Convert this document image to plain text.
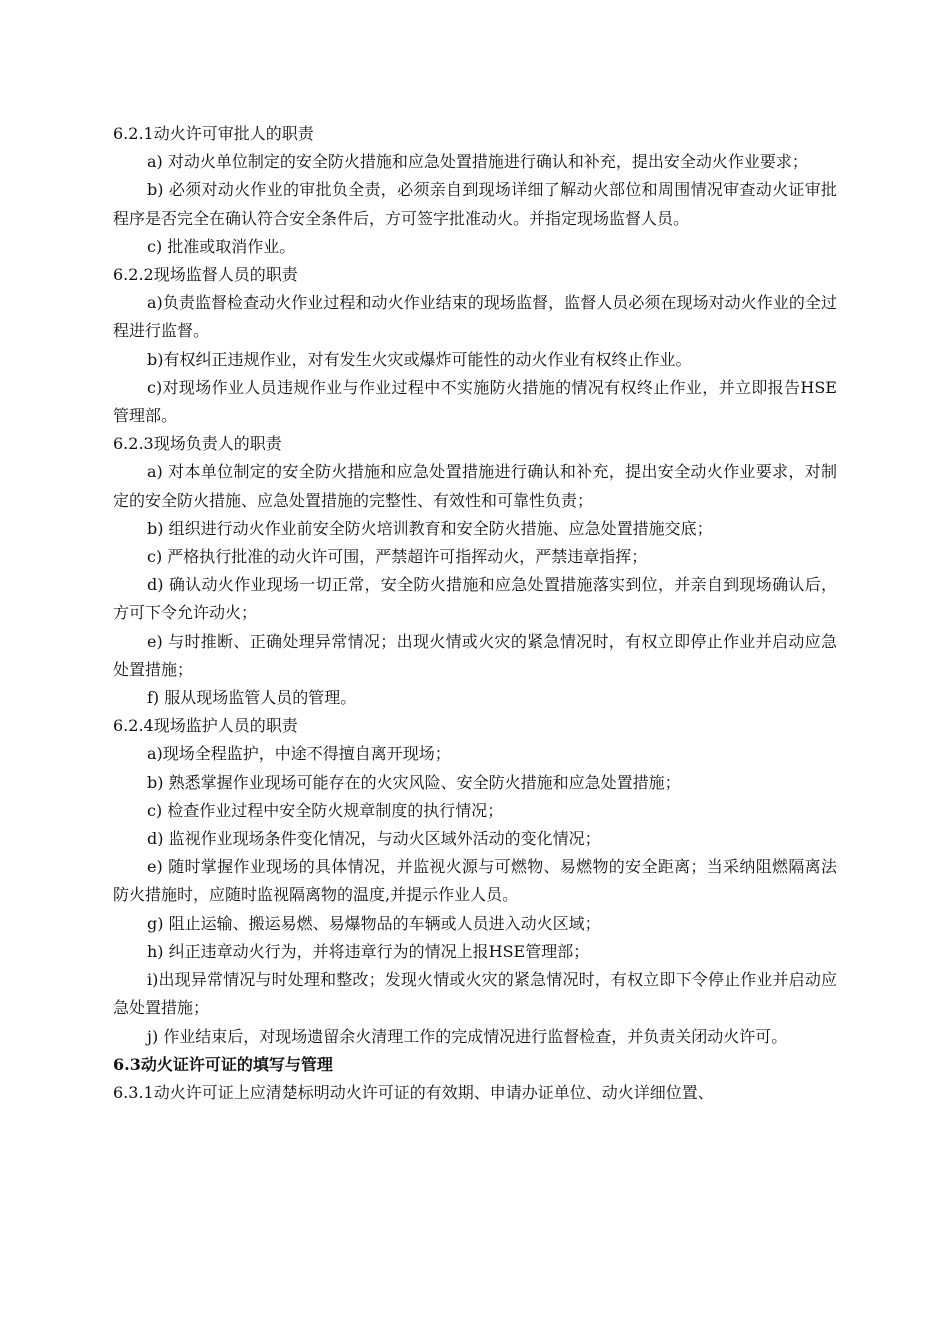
6.2.1动火许可审批人的职责

a) 对动火单位制定的安全防火措施和应急处置措施进行确认和补充，提出安全动火作业要求；

b) 必须对动火作业的审批负全责，必须亲自到现场详细了解动火部位和周围情况审查动火证审批程序是否完全在确认符合安全条件后，方可签字批准动火。并指定现场监督人员。

c) 批准或取消作业。

6.2.2现场监督人员的职责

a)负责监督检查动火作业过程和动火作业结束的现场监督，监督人员必须在现场对动火作业的全过程进行监督。

b)有权纠正违规作业，对有发生火灾或爆炸可能性的动火作业有权终止作业。

c)对现场作业人员违规作业与作业过程中不实施防火措施的情况有权终止作业，并立即报告HSE管理部。

6.2.3现场负责人的职责

a) 对本单位制定的安全防火措施和应急处置措施进行确认和补充，提出安全动火作业要求，对制定的安全防火措施、应急处置措施的完整性、有效性和可靠性负责；

b) 组织进行动火作业前安全防火培训教育和安全防火措施、应急处置措施交底；

c) 严格执行批准的动火许可围，严禁超许可指挥动火，严禁违章指挥；

d) 确认动火作业现场一切正常，安全防火措施和应急处置措施落实到位，并亲自到现场确认后，方可下令允许动火；

e) 与时推断、正确处理异常情况；出现火情或火灾的紧急情况时，有权立即停止作业并启动应急处置措施；

f) 服从现场监管人员的管理。

6.2.4现场监护人员的职责

a)现场全程监护，中途不得擅自离开现场；

b) 熟悉掌握作业现场可能存在的火灾风险、安全防火措施和应急处置措施；

c) 检查作业过程中安全防火规章制度的执行情况；

d) 监视作业现场条件变化情况，与动火区域外活动的变化情况；

e) 随时掌握作业现场的具体情况，并监视火源与可燃物、易燃物的安全距离；当采纳阻燃隔离法防火措施时，应随时监视隔离物的温度,并提示作业人员。

g) 阻止运输、搬运易燃、易爆物品的车辆或人员进入动火区域；

h) 纠正违章动火行为，并将违章行为的情况上报HSE管理部；

i)出现异常情况与时处理和整改；发现火情或火灾的紧急情况时，有权立即下令停止作业并启动应急处置措施；

j) 作业结束后，对现场遗留余火清理工作的完成情况进行监督检查，并负责关闭动火许可。

6.3动火证许可证的填写与管理

6.3.1动火许可证上应清楚标明动火许可证的有效期、申请办证单位、动火详细位置、
